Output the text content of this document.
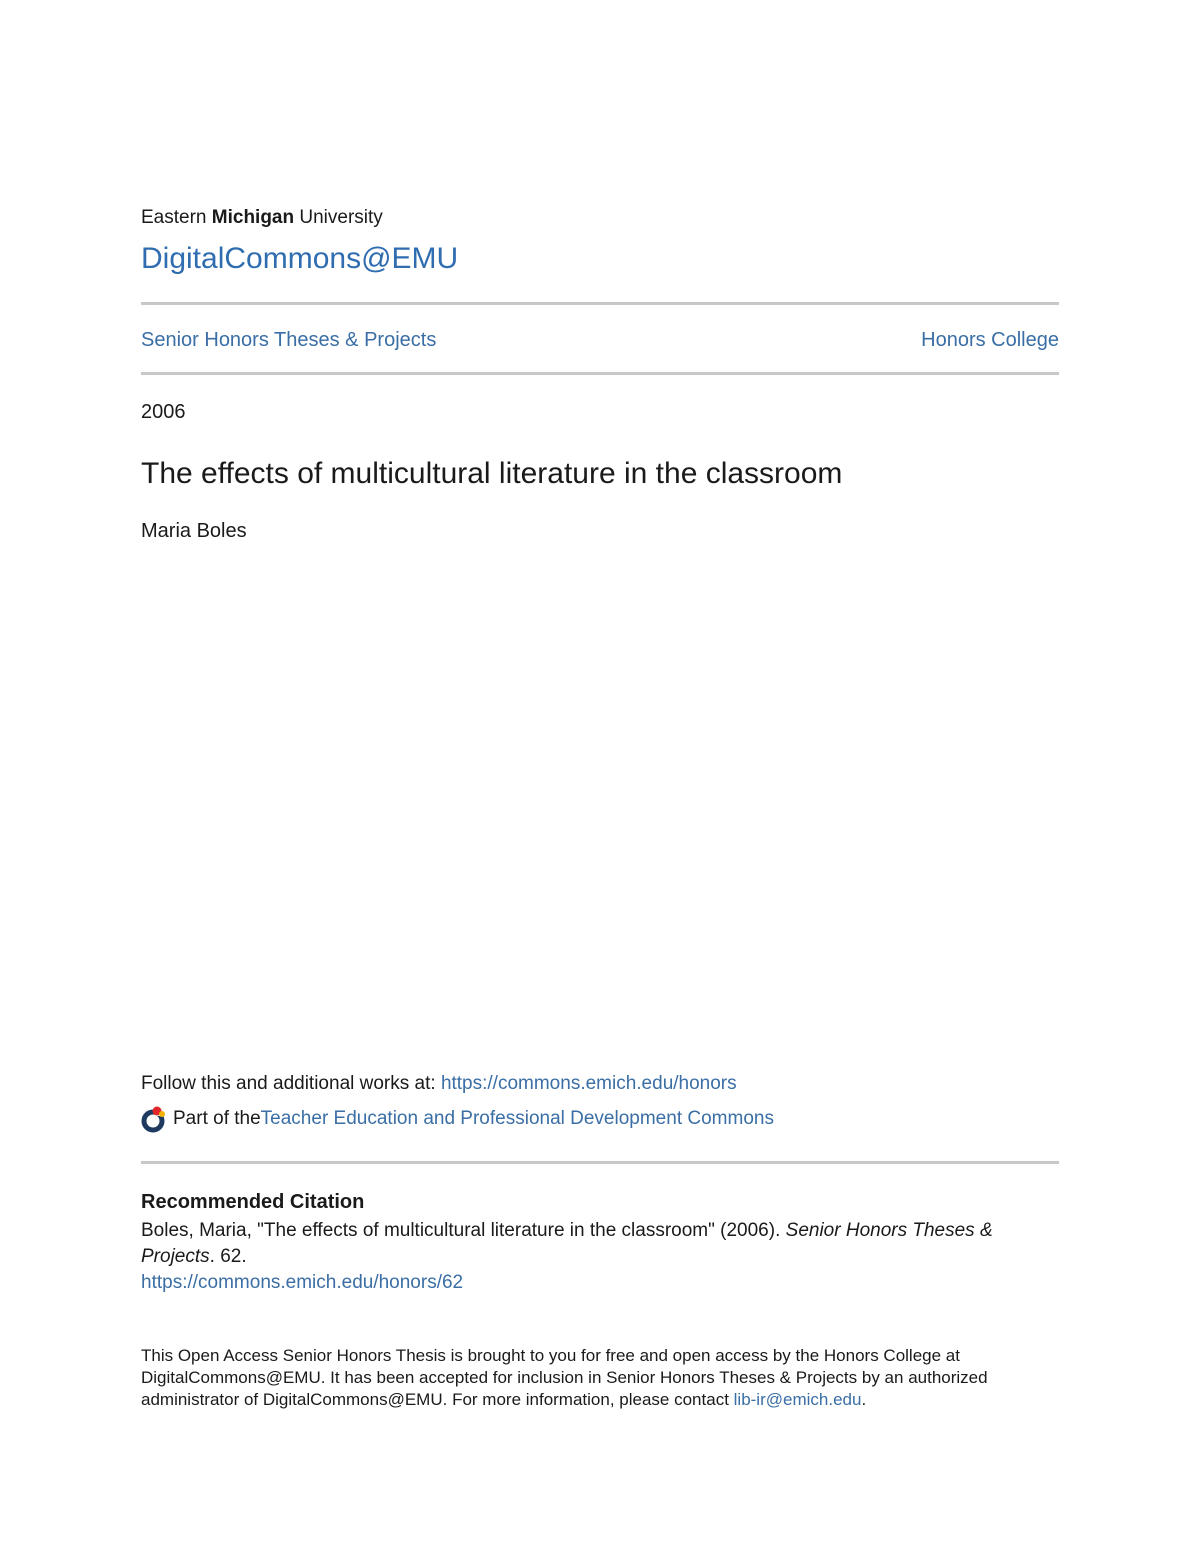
Eastern Michigan University
DigitalCommons@EMU
Senior Honors Theses & Projects	Honors College
2006
The effects of multicultural literature in the classroom
Maria Boles
Follow this and additional works at: https://commons.emich.edu/honors
Part of the Teacher Education and Professional Development Commons
Recommended Citation
Boles, Maria, "The effects of multicultural literature in the classroom" (2006). Senior Honors Theses & Projects. 62.
https://commons.emich.edu/honors/62
This Open Access Senior Honors Thesis is brought to you for free and open access by the Honors College at DigitalCommons@EMU. It has been accepted for inclusion in Senior Honors Theses & Projects by an authorized administrator of DigitalCommons@EMU. For more information, please contact lib-ir@emich.edu.
